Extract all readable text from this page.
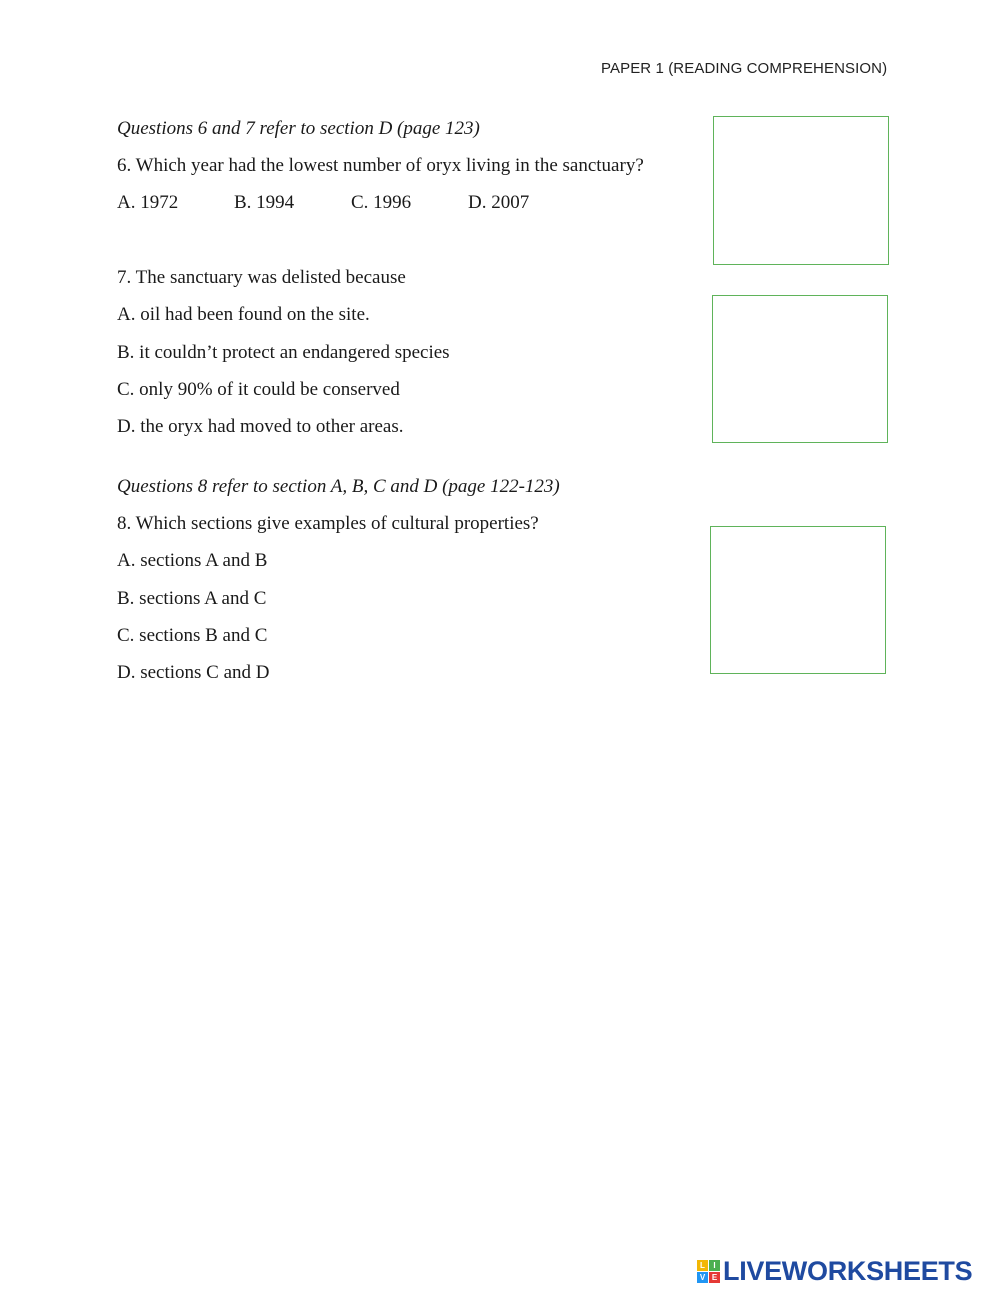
PAPER 1 (READING COMPREHENSION)
Questions 6 and 7 refer to section D (page 123)
6. Which year had the lowest number of oryx living in the sanctuary?
A. 1972	B. 1994	C. 1996	D. 2007
7. The sanctuary was delisted because
A. oil had been found on the site.
B. it couldn’t protect an endangered species
C. only 90% of it could be conserved
D. the oryx had moved to other areas.
Questions 8 refer to section A, B, C and D (page 122-123)
8. Which sections give examples of cultural properties?
A. sections A and B
B. sections A and C
C. sections B and C
D. sections C and D
L	I
V E LIVEWORKSHEETS
